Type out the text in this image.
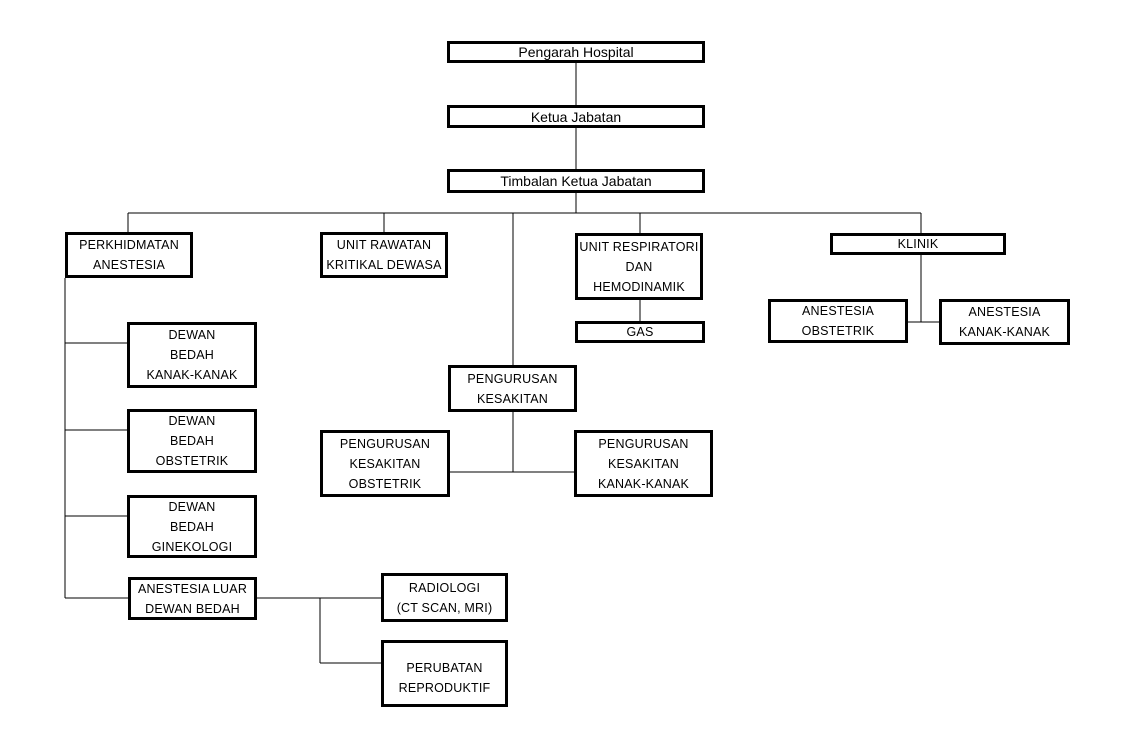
Pengarah Hospital
Ketua Jabatan
Timbalan Ketua Jabatan
PERKHIDMATAN
ANESTESIA
UNIT RAWATAN
KRITIKAL DEWASA
UNIT RESPIRATORI
DAN
HEMODINAMIK
GAS
KLINIK
ANESTESIA
OBSTETRIK
ANESTESIA
KANAK-KANAK
PENGURUSAN
KESAKITAN
PENGURUSAN
KESAKITAN
OBSTETRIK
PENGURUSAN
KESAKITAN
KANAK-KANAK
DEWAN
BEDAH
KANAK-KANAK
DEWAN
BEDAH
OBSTETRIK
DEWAN
BEDAH
GINEKOLOGI
ANESTESIA LUAR
DEWAN BEDAH
RADIOLOGI
(CT SCAN, MRI)
PERUBATAN
REPRODUKTIF
